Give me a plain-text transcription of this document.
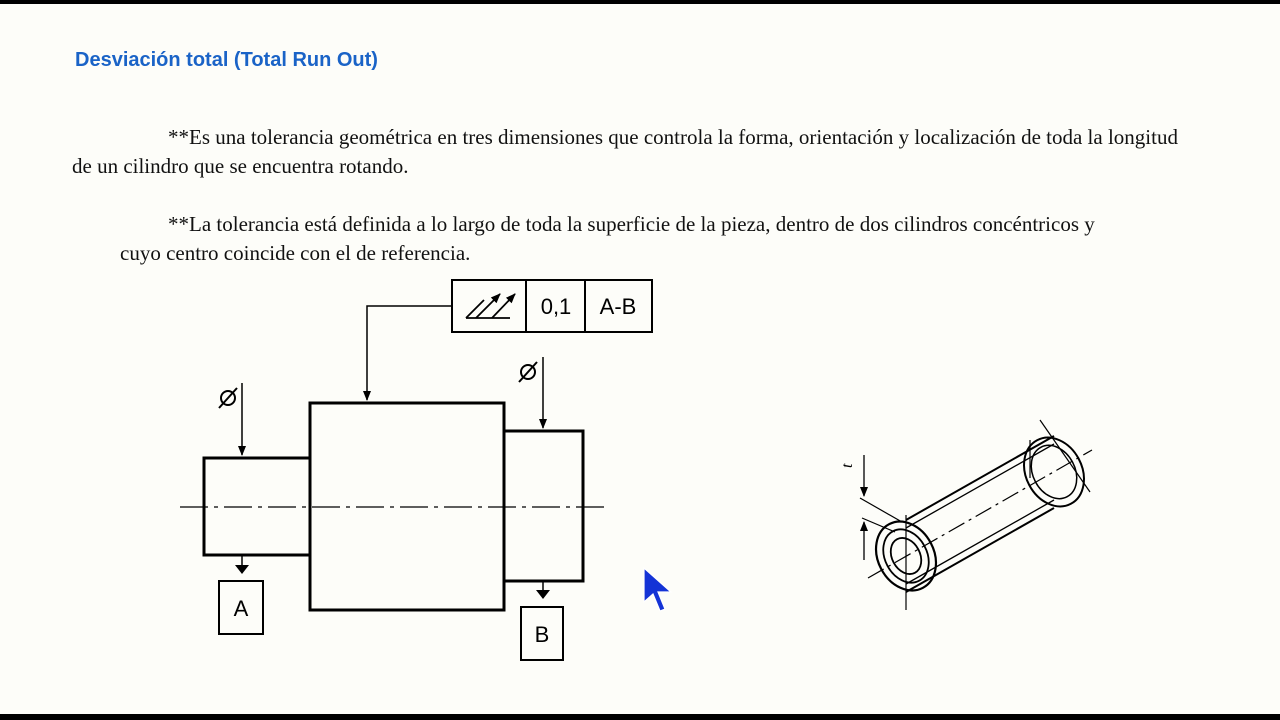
Desviación total (Total Run Out)

**Es una tolerancia geométrica en tres dimensiones que controla la forma, orientación y localización de toda la longitud de un cilindro que se encuentra rotando.

**La tolerancia está definida a lo largo de toda la superficie de la pieza, dentro de dos cilindros concéntricos y cuyo centro coincide con el de referencia.

0,1 A-B
A
B
t
